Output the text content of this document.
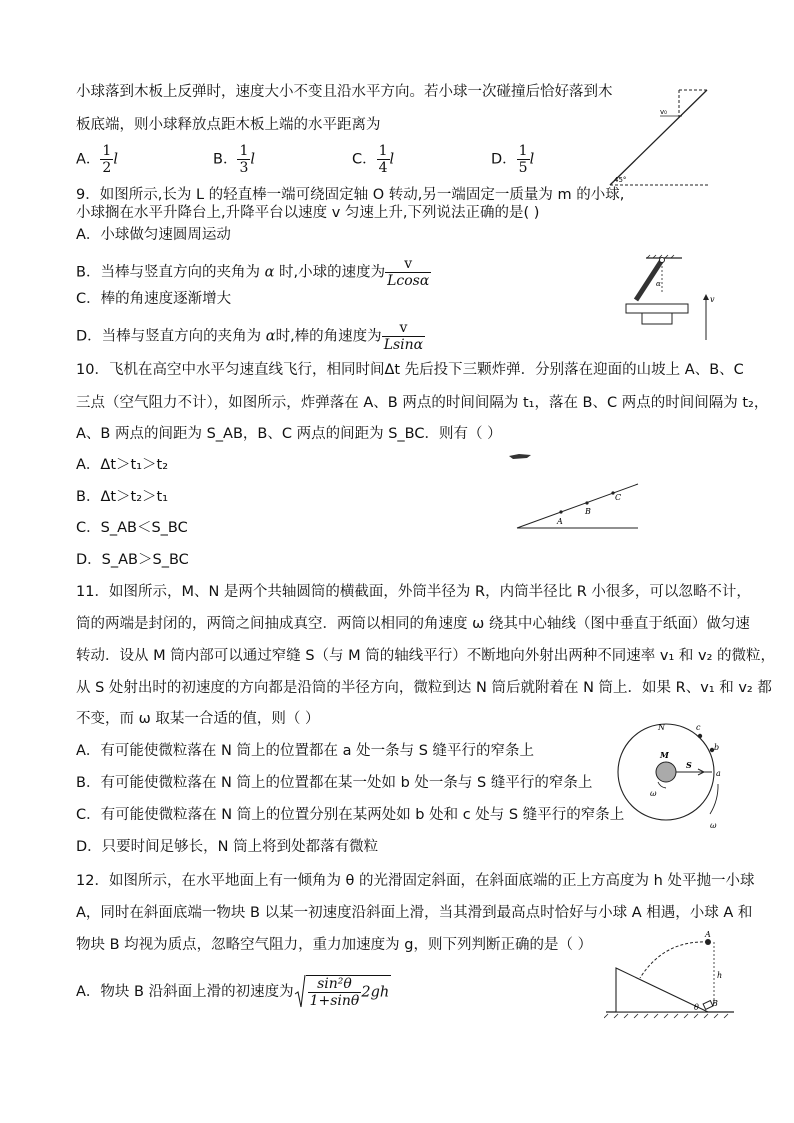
小球落到木板上反弹时，速度大小不变且沿水平方向。若小球一次碰撞后恰好落到木
板底端，则小球释放点距木板上端的水平距离为
A． $\frac{1}{2}$ l	B． $\frac{1}{3}$ l	C． $\frac{1}{4}$ l	D． $\frac{1}{5}$ l
v₀
45°
9．如图所示,长为 L 的轻直棒一端可绕固定轴 O 转动,另一端固定一质量为 m 的小球,
小球搁在水平升降台上,升降平台以速度 v 匀速上升,下列说法正确的是( )
A．小球做匀速圆周运动
B．当棒与竖直方向的夹角为 α 时,小球的速度为 $\frac{v}{Lcos\alpha}$
C．棒的角速度逐渐增大
D．当棒与竖直方向的夹角为 α时,棒的角速度为 $\frac{v}{Lsin\alpha}$
α
v
10．飞机在高空中水平匀速直线飞行，相同时间Δt 先后投下三颗炸弹．分别落在迎面的山坡上 A、B、C
三点（空气阻力不计），如图所示，炸弹落在 A、B 两点的时间间隔为 t₁，落在 B、C 两点的时间间隔为 t₂，
A、B 两点的间距为 S_AB，B、C 两点的间距为 S_BC．则有（ ）
A．Δt＞t₁＞t₂
B．Δt＞t₂＞t₁
C．S_AB＜S_BC
D．S_AB＞S_BC
A
B
C
11．如图所示，M、N 是两个共轴圆筒的横截面，外筒半径为 R，内筒半径比 R 小很多，可以忽略不计，
筒的两端是封闭的，两筒之间抽成真空．两筒以相同的角速度 ω 绕其中心轴线（图中垂直于纸面）做匀速
转动．设从 M 筒内部可以通过窄缝 S（与 M 筒的轴线平行）不断地向外射出两种不同速率 v₁ 和 v₂ 的微粒，
从 S 处射出时的初速度的方向都是沿筒的半径方向，微粒到达 N 筒后就附着在 N 筒上．如果 R、v₁ 和 v₂ 都
不变，而 ω 取某一合适的值，则（ ）
A．有可能使微粒落在 N 筒上的位置都在 a 处一条与 S 缝平行的窄条上
B．有可能使微粒落在 N 筒上的位置都在某一处如 b 处一条与 S 缝平行的窄条上
C．有可能使微粒落在 N 筒上的位置分别在某两处如 b 处和 c 处与 S 缝平行的窄条上
D．只要时间足够长，N 筒上将到处都落有微粒
N
M
S
a
b
c
ω
ω
12．如图所示，在水平地面上有一倾角为 θ 的光滑固定斜面，在斜面底端的正上方高度为 h 处平抛一小球
A，同时在斜面底端一物块 B 以某一初速度沿斜面上滑，当其滑到最高点时恰好与小球 A 相遇，小球 A 和
物块 B 均视为质点，忽略空气阻力，重力加速度为 g，则下列判断正确的是（ ）
A．物块 B 沿斜面上滑的初速度为 $\frac{\text{sin²θ}}{1+\sin\theta} 2gh$
A
h
B
θ
